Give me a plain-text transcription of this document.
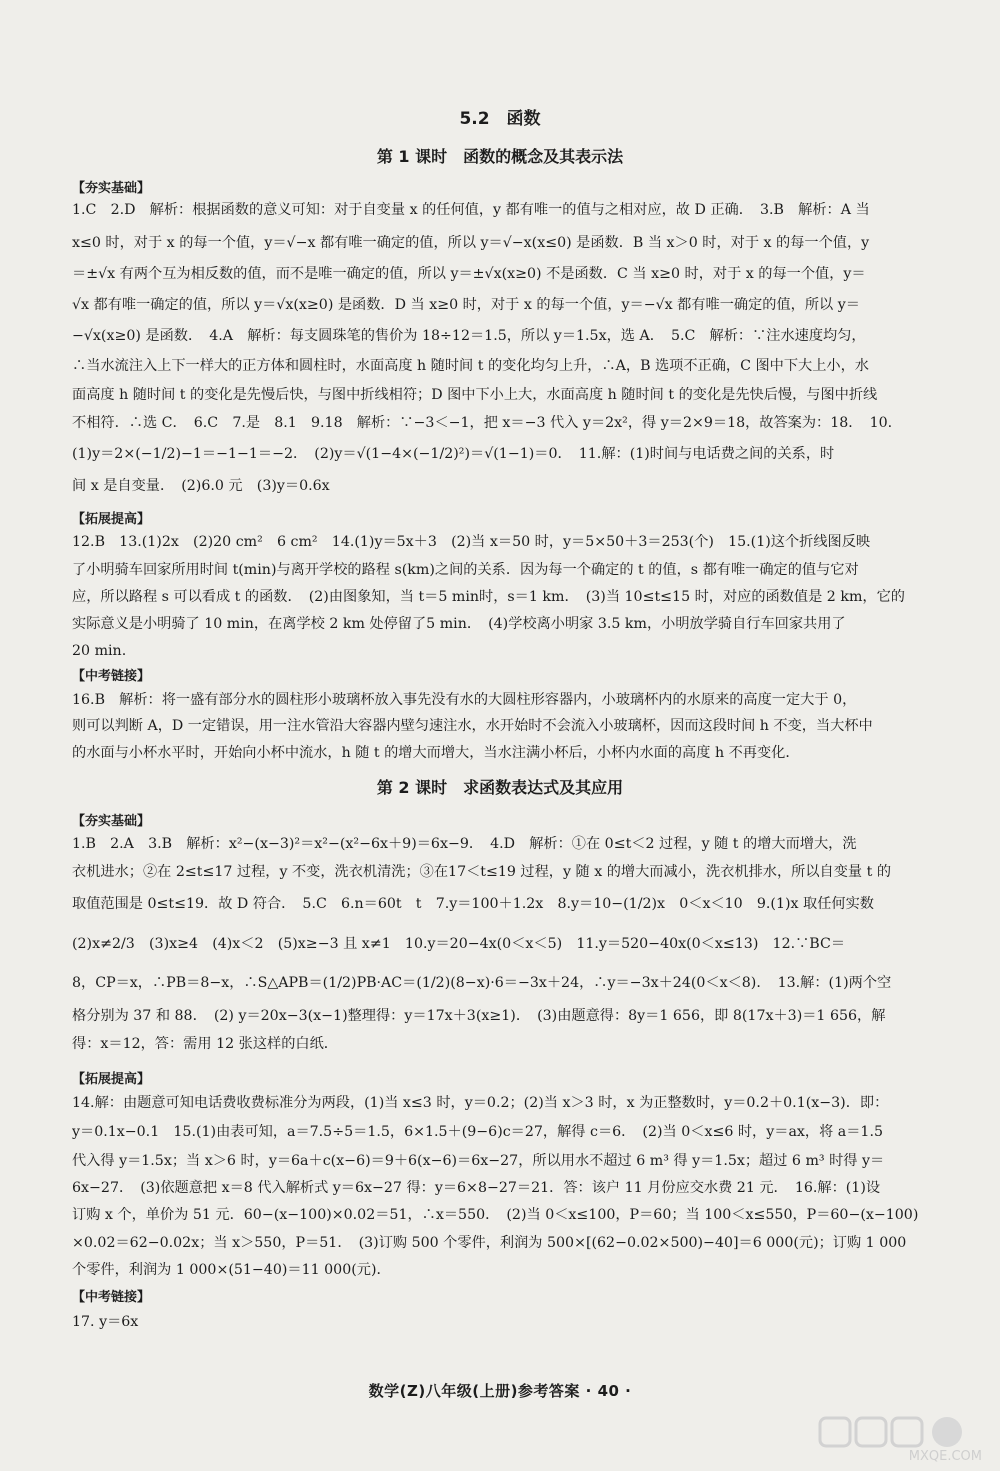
5.2　函数
第 1 课时　函数的概念及其表示法
【夯实基础】
1.C　2.D　解析：根据函数的意义可知：对于自变量 x 的任何值，y 都有唯一的值与之相对应，故 D 正确．　3.B　解析：A 当
x≤0 时，对于 x 的每一个值，y＝√−x 都有唯一确定的值，所以 y＝√−x(x≤0) 是函数．B 当 x＞0 时，对于 x 的每一个值，y
＝±√x 有两个互为相反数的值，而不是唯一确定的值，所以 y＝±√x(x≥0) 不是函数．C 当 x≥0 时，对于 x 的每一个值，y＝
√x 都有唯一确定的值，所以 y＝√x(x≥0) 是函数．D 当 x≥0 时，对于 x 的每一个值，y＝−√x 都有唯一确定的值，所以 y＝
−√x(x≥0) 是函数．　4.A　解析：每支圆珠笔的售价为 18÷12＝1.5，所以 y＝1.5x，选 A．　5.C　解析：∵注水速度均匀，
∴当水流注入上下一样大的正方体和圆柱时，水面高度 h 随时间 t 的变化均匀上升，∴A，B 选项不正确，C 图中下大上小，水
面高度 h 随时间 t 的变化是先慢后快，与图中折线相符；D 图中下小上大，水面高度 h 随时间 t 的变化是先快后慢，与图中折线
不相符．∴选 C．　6.C　7.是　8.1　9.18　解析：∵−3＜−1，把 x＝−3 代入 y＝2x²，得 y＝2×9＝18，故答案为：18．　10.
(1)y＝2×(−1/2)−1＝−1−1＝−2．　(2)y＝√(1−4×(−1/2)²)＝√(1−1)＝0．　11.解：(1)时间与电话费之间的关系，时
间 x 是自变量．　(2)6.0 元　(3)y＝0.6x
【拓展提高】
12.B　13.(1)2x　(2)20 cm²　6 cm²　14.(1)y＝5x＋3　(2)当 x＝50 时，y＝5×50＋3＝253(个)　15.(1)这个折线图反映
了小明骑车回家所用时间 t(min)与离开学校的路程 s(km)之间的关系．因为每一个确定的 t 的值，s 都有唯一确定的值与它对
应，所以路程 s 可以看成 t 的函数．　(2)由图象知，当 t＝5 min时，s＝1 km．　(3)当 10≤t≤15 时，对应的函数值是 2 km，它的
实际意义是小明骑了 10 min，在离学校 2 km 处停留了5 min．　(4)学校离小明家 3.5 km，小明放学骑自行车回家共用了
20 min.
【中考链接】
16.B　解析：将一盛有部分水的圆柱形小玻璃杯放入事先没有水的大圆柱形容器内，小玻璃杯内的水原来的高度一定大于 0，
则可以判断 A，D 一定错误，用一注水管沿大容器内壁匀速注水，水开始时不会流入小玻璃杯，因而这段时间 h 不变，当大杯中
的水面与小杯水平时，开始向小杯中流水，h 随 t 的增大而增大，当水注满小杯后，小杯内水面的高度 h 不再变化．
第 2 课时　求函数表达式及其应用
【夯实基础】
1.B　2.A　3.B　解析：x²−(x−3)²＝x²−(x²−6x＋9)＝6x−9．　4.D　解析：①在 0≤t＜2 过程，y 随 t 的增大而增大，洗
衣机进水；②在 2≤t≤17 过程，y 不变，洗衣机清洗；③在17＜t≤19 过程，y 随 x 的增大而减小，洗衣机排水，所以自变量 t 的
取值范围是 0≤t≤19．故 D 符合．　5.C　6.n＝60t　t　7.y＝100＋1.2x　8.y＝10−(1/2)x　0＜x＜10　9.(1)x 取任何实数
(2)x≠2/3　(3)x≥4　(4)x＜2　(5)x≥−3 且 x≠1　10.y＝20−4x(0＜x＜5)　11.y＝520−40x(0＜x≤13)　12.∵BC＝
8，CP＝x，∴PB＝8−x，∴S△APB＝(1/2)PB·AC＝(1/2)(8−x)·6＝−3x＋24，∴y＝−3x＋24(0＜x＜8)．　13.解：(1)两个空
格分别为 37 和 88．　(2) y＝20x−3(x−1)整理得：y＝17x＋3(x≥1)．　(3)由题意得：8y＝1 656，即 8(17x＋3)＝1 656，解
得：x＝12，答：需用 12 张这样的白纸．
【拓展提高】
14.解：由题意可知电话费收费标准分为两段，(1)当 x≤3 时，y＝0.2；(2)当 x＞3 时，x 为正整数时，y＝0.2＋0.1(x−3)．即：
y＝0.1x−0.1　15.(1)由表可知，a＝7.5÷5＝1.5，6×1.5＋(9−6)c＝27，解得 c＝6．　(2)当 0＜x≤6 时，y＝ax，将 a＝1.5
代入得 y＝1.5x；当 x＞6 时，y＝6a＋c(x−6)＝9＋6(x−6)＝6x−27，所以用水不超过 6 m³ 得 y＝1.5x；超过 6 m³ 时得 y＝
6x−27．　(3)依题意把 x＝8 代入解析式 y＝6x−27 得：y＝6×8−27＝21．答：该户 11 月份应交水费 21 元．　16.解：(1)设
订购 x 个，单价为 51 元．60−(x−100)×0.02＝51，∴x＝550．　(2)当 0＜x≤100，P＝60；当 100＜x≤550，P＝60−(x−100)
×0.02＝62−0.02x；当 x＞550，P＝51．　(3)订购 500 个零件，利润为 500×[(62−0.02×500)−40]＝6 000(元)；订购 1 000
个零件，利润为 1 000×(51−40)＝11 000(元)．
【中考链接】
17. y＝6x
数学(Z)八年级(上册)参考答案 · 40 ·
MXQE.COM
